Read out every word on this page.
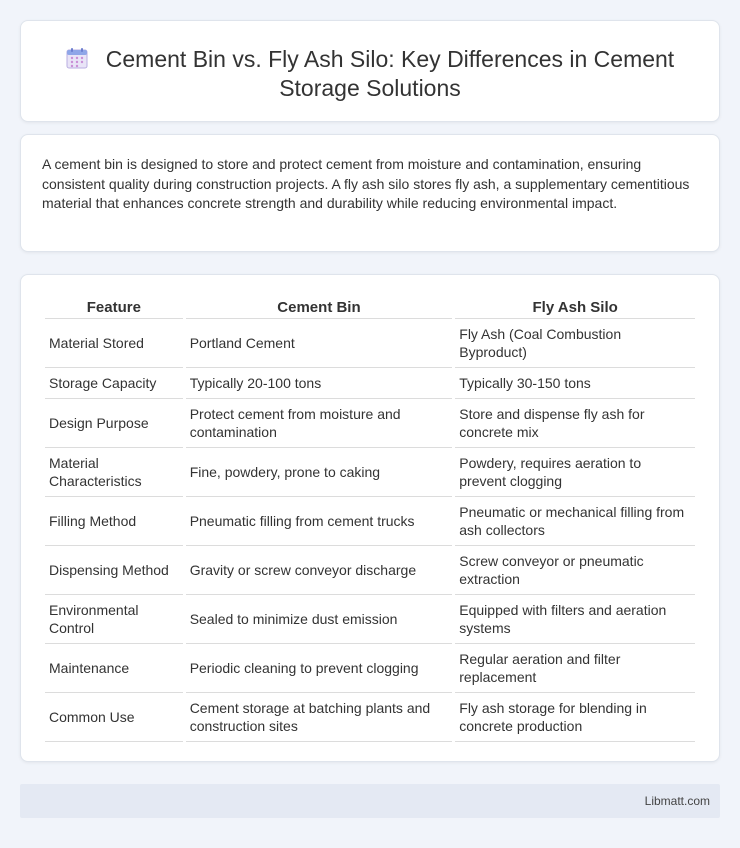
Cement Bin vs. Fly Ash Silo: Key Differences in Cement Storage Solutions

A cement bin is designed to store and protect cement from moisture and contamination, ensuring consistent quality during construction projects. A fly ash silo stores fly ash, a supplementary cementitious material that enhances concrete strength and durability while reducing environmental impact.

Feature	Cement Bin	Fly Ash Silo
Material Stored	Portland Cement	Fly Ash (Coal Combustion Byproduct)
Storage Capacity	Typically 20-100 tons	Typically 30-150 tons
Design Purpose	Protect cement from moisture and contamination	Store and dispense fly ash for concrete mix
Material Characteristics	Fine, powdery, prone to caking	Powdery, requires aeration to prevent clogging
Filling Method	Pneumatic filling from cement trucks	Pneumatic or mechanical filling from ash collectors
Dispensing Method	Gravity or screw conveyor discharge	Screw conveyor or pneumatic extraction
Environmental Control	Sealed to minimize dust emission	Equipped with filters and aeration systems
Maintenance	Periodic cleaning to prevent clogging	Regular aeration and filter replacement
Common Use	Cement storage at batching plants and construction sites	Fly ash storage for blending in concrete production
Libmatt.com
